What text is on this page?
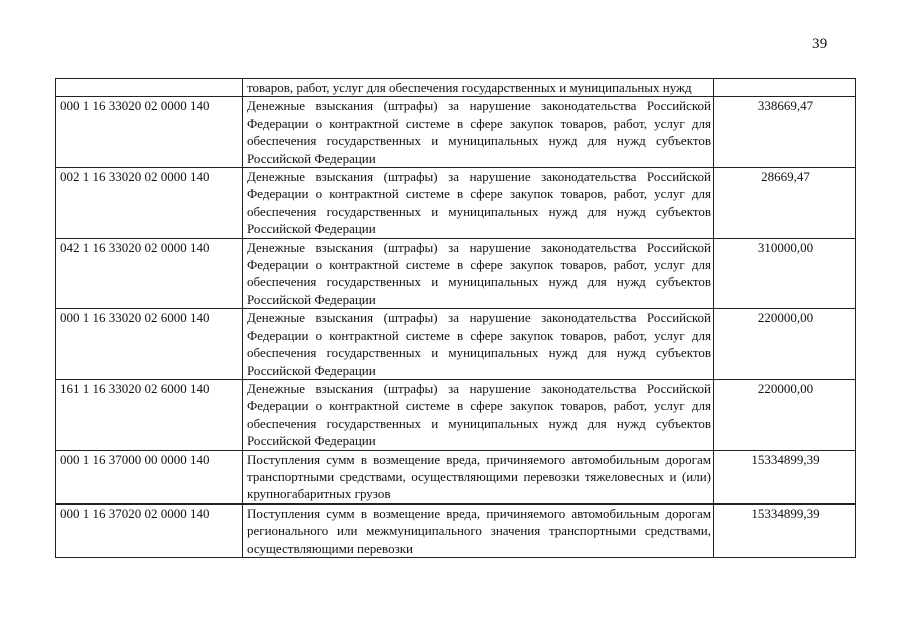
39
	товаров, работ, услуг для обеспечения государственных и муниципальных нужд	
000 1 16 33020 02 0000 140	Денежные взыскания (штрафы) за нарушение законодательства Российской Федерации о контрактной системе в сфере закупок товаров, работ, услуг для обеспечения государственных и муниципальных нужд для нужд субъектов Российской Федерации	338669,47
002 1 16 33020 02 0000 140	Денежные взыскания (штрафы) за нарушение законодательства Российской Федерации о контрактной системе в сфере закупок товаров, работ, услуг для обеспечения государственных и муниципальных нужд для нужд субъектов Российской Федерации	28669,47
042 1 16 33020 02 0000 140	Денежные взыскания (штрафы) за нарушение законодательства Российской Федерации о контрактной системе в сфере закупок товаров, работ, услуг для обеспечения государственных и муниципальных нужд для нужд субъектов Российской Федерации	310000,00
000 1 16 33020 02 6000 140	Денежные взыскания (штрафы) за нарушение законодательства Российской Федерации о контрактной системе в сфере закупок товаров, работ, услуг для обеспечения государственных и муниципальных нужд для нужд субъектов Российской Федерации	220000,00
161 1 16 33020 02 6000 140	Денежные взыскания (штрафы) за нарушение законодательства Российской Федерации о контрактной системе в сфере закупок товаров, работ, услуг для обеспечения государственных и муниципальных нужд для нужд субъектов Российской Федерации	220000,00
000 1 16 37000 00 0000 140	Поступления сумм в возмещение вреда, причиняемого автомобильным дорогам транспортными средствами, осуществляющими перевозки тяжеловесных и (или) крупногабаритных грузов	15334899,39
000 1 16 37020 02 0000 140	Поступления сумм в возмещение вреда, причиняемого автомобильным дорогам регионального или межмуниципального значения транспортными средствами, осуществляющими перевозки	15334899,39
